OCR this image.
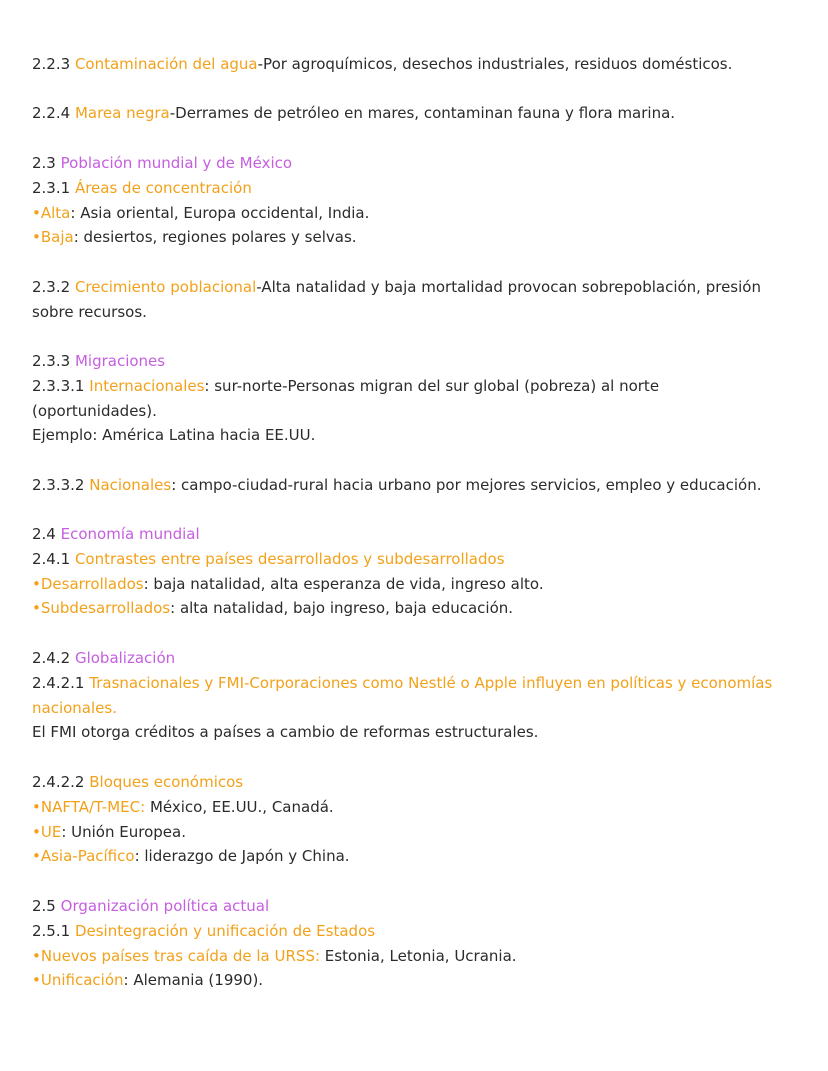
2.2.3 Contaminación del agua-Por agroquímicos, desechos industriales, residuos domésticos.
2.2.4 Marea negra-Derrames de petróleo en mares, contaminan fauna y flora marina.
2.3 Población mundial y de México
2.3.1 Áreas de concentración
•Alta: Asia oriental, Europa occidental, India.
•Baja: desiertos, regiones polares y selvas.
2.3.2 Crecimiento poblacional-Alta natalidad y baja mortalidad provocan sobrepoblación, presión
sobre recursos.
2.3.3 Migraciones
2.3.3.1 Internacionales: sur-norte-Personas migran del sur global (pobreza) al norte
(oportunidades).
Ejemplo: América Latina hacia EE.UU.
2.3.3.2 Nacionales: campo-ciudad-rural hacia urbano por mejores servicios, empleo y educación.
2.4 Economía mundial
2.4.1 Contrastes entre países desarrollados y subdesarrollados
•Desarrollados: baja natalidad, alta esperanza de vida, ingreso alto.
•Subdesarrollados: alta natalidad, bajo ingreso, baja educación.
2.4.2 Globalización
2.4.2.1 Trasnacionales y FMI-Corporaciones como Nestlé o Apple influyen en políticas y economías
nacionales.
El FMI otorga créditos a países a cambio de reformas estructurales.
2.4.2.2 Bloques económicos
•NAFTA/T-MEC: México, EE.UU., Canadá.
•UE: Unión Europea.
•Asia-Pacífico: liderazgo de Japón y China.
2.5 Organización política actual
2.5.1 Desintegración y unificación de Estados
•Nuevos países tras caída de la URSS: Estonia, Letonia, Ucrania.
•Unificación: Alemania (1990).
